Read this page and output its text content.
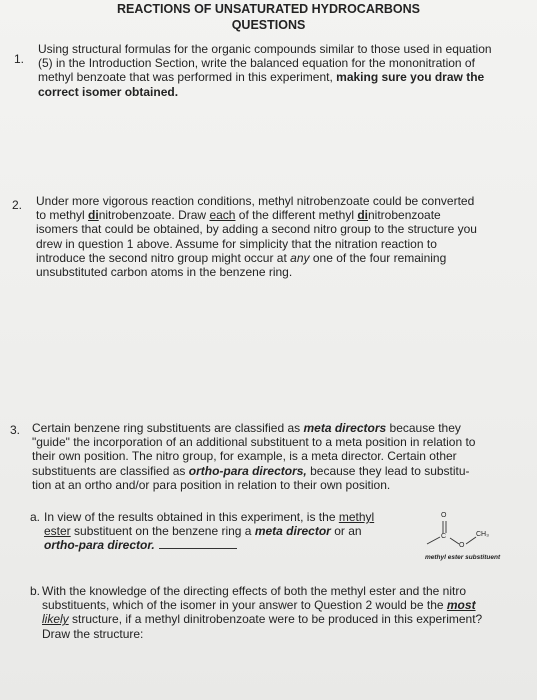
REACTIONS OF UNSATURATED HYDROCARBONS
QUESTIONS
1.
Using structural formulas for the organic compounds similar to those used in equation
(5) in the Introduction Section, write the balanced equation for the mononitration of
methyl benzoate that was performed in this experiment, making sure you draw the
correct isomer obtained.
2. Under more vigorous reaction conditions, methyl nitrobenzoate could be converted
to methyl dinitrobenzoate. Draw each of the different methyl dinitrobenzoate
isomers that could be obtained, by adding a second nitro group to the structure you
drew in question 1 above. Assume for simplicity that the nitration reaction to
introduce the second nitro group might occur at any one of the four remaining
unsubstituted carbon atoms in the benzene ring.
3. Certain benzene ring substituents are classified as meta directors because they
"guide" the incorporation of an additional substituent to a meta position in relation to
their own position. The nitro group, for example, is a meta director. Certain other
substituents are classified as ortho-para directors, because they lead to substitu-
tion at an ortho and/or para position in relation to their own position.
a. In view of the results obtained in this experiment, is the methyl
ester substituent on the benzene ring a meta director or an
ortho-para director.
O
C
O
CH₃
methyl ester substituent
b. With the knowledge of the directing effects of both the methyl ester and the nitro
substituents, which of the isomer in your answer to Question 2 would be the most
likely structure, if a methyl dinitrobenzoate were to be produced in this experiment?
Draw the structure:
